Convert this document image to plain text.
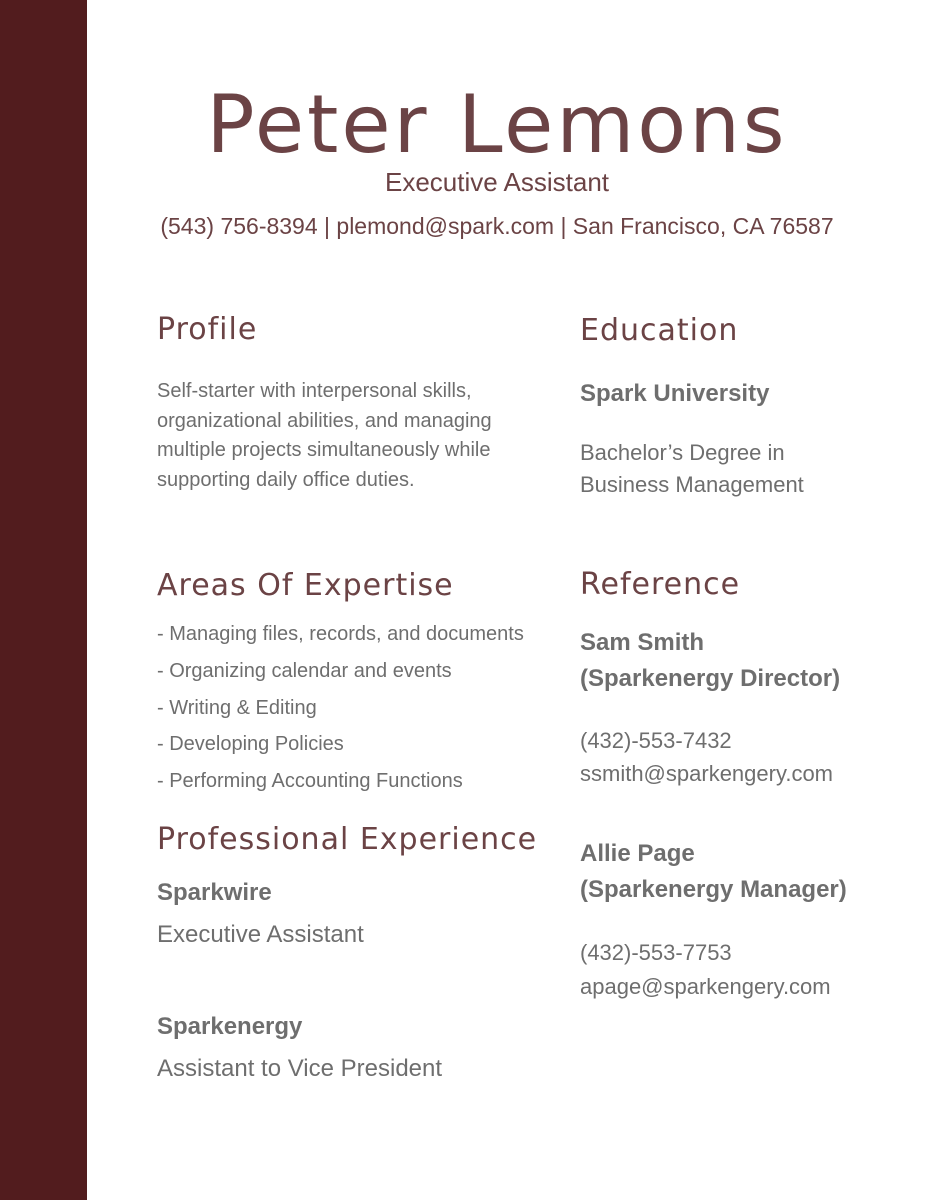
Peter Lemons
Executive Assistant
(543) 756-8394 | plemond@spark.com | San Francisco, CA 76587
Profile
Self-starter with interpersonal skills, organizational abilities, and managing multiple projects simultaneously while supporting daily office duties.
Areas Of Expertise
- Managing files, records, and documents
- Organizing calendar and events
- Writing & Editing
- Developing Policies
- Performing Accounting Functions
Professional Experience
Sparkwire
Executive Assistant
Sparkenergy
Assistant to Vice President
Education
Spark University
Bachelor’s Degree in
Business Management
Reference
Sam Smith
(Sparkenergy Director)
(432)-553-7432
ssmith@sparkengery.com
Allie Page
(Sparkenergy Manager)
(432)-553-7753
apage@sparkengery.com
